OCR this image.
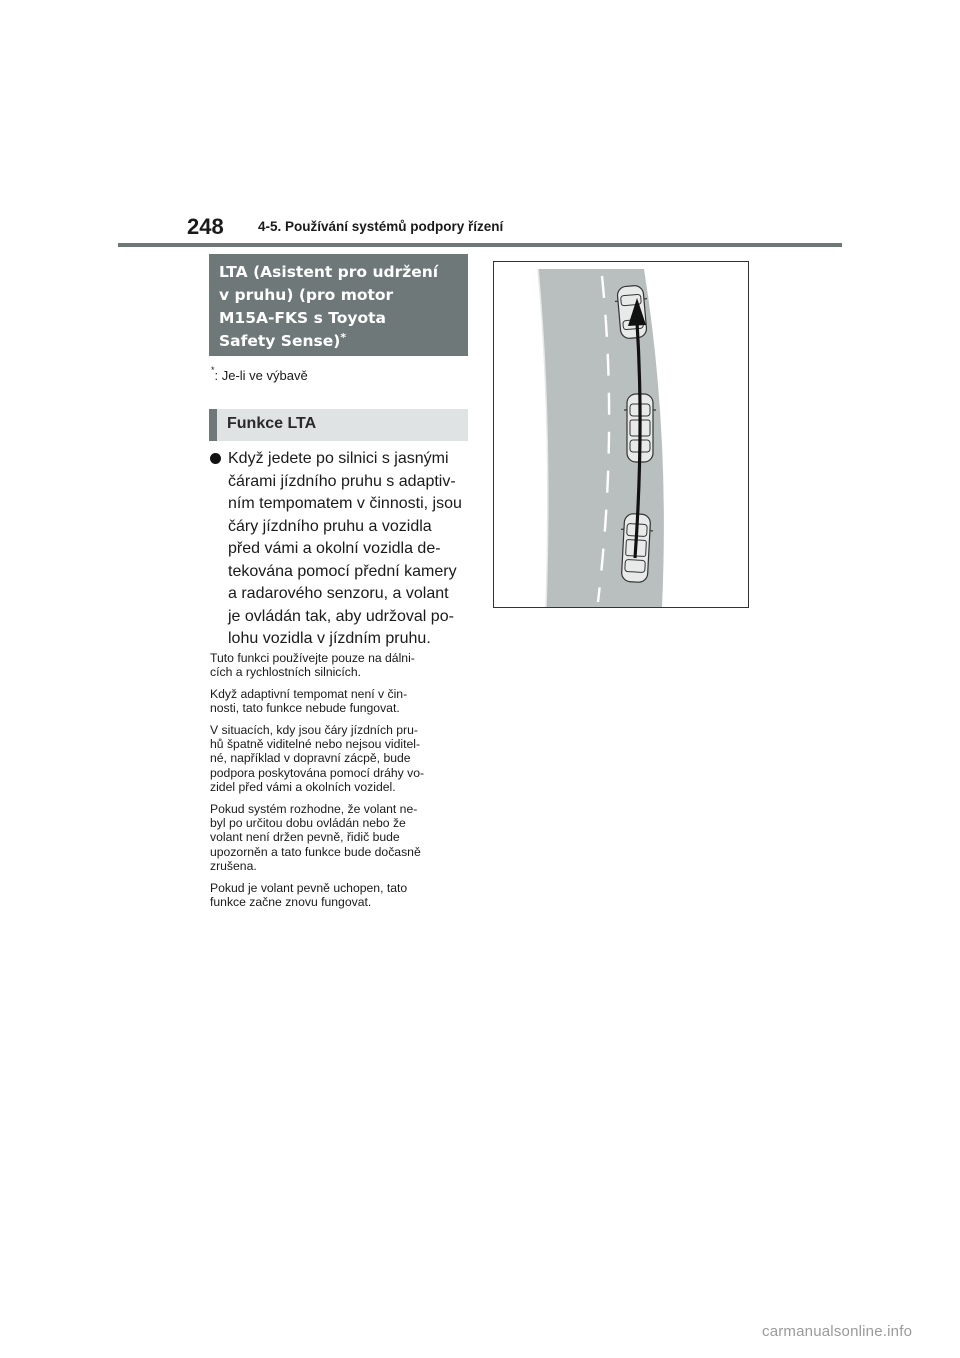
248	4-5. Používání systémů podpory řízení
LTA (Asistent pro udržení
v pruhu) (pro motor
M15A-FKS s Toyota
Safety Sense)*
*: Je-li ve výbavě
Funkce LTA
Když jedete po silnici s jasnými
čárami jízdního pruhu s adaptiv-
ním tempomatem v činnosti, jsou
čáry jízdního pruhu a vozidla
před vámi a okolní vozidla de-
tekována pomocí přední kamery
a radarového senzoru, a volant
je ovládán tak, aby udržoval po-
lohu vozidla v jízdním pruhu.

Tuto funkci používejte pouze na dálni-
cích a rychlostních silnicích.

Když adaptivní tempomat není v čin-
nosti, tato funkce nebude fungovat.

V situacích, kdy jsou čáry jízdních pru-
hů špatně viditelné nebo nejsou viditel-
né, například v dopravní zácpě, bude
podpora poskytována pomocí dráhy vo-
zidel před vámi a okolních vozidel.

Pokud systém rozhodne, že volant ne-
byl po určitou dobu ovládán nebo že
volant není držen pevně, řidič bude
upozorněn a tato funkce bude dočasně
zrušena.

Pokud je volant pevně uchopen, tato
funkce začne znovu fungovat.

carmanualsonline.info
